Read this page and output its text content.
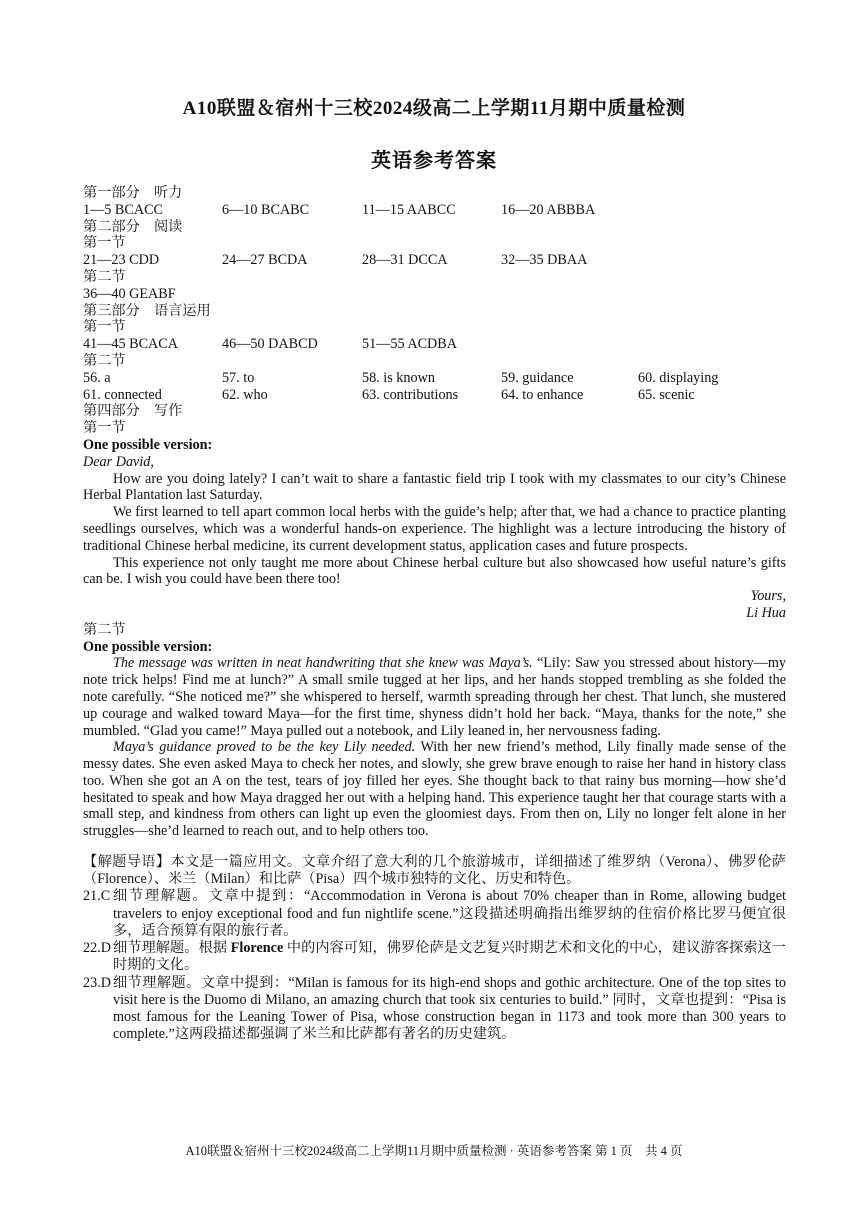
A10联盟＆宿州十三校2024级高二上学期11月期中质量检测
英语参考答案
第一部分　听力
1—5 BCACC	6—10 BCABC	11—15 AABCC	16—20 ABBBA
第二部分　阅读
第一节
21—23 CDD	24—27 BCDA	28—31 DCCA	32—35 DBAA
第二节
36—40 GEABF
第三部分　语言运用
第一节
41—45 BCACA	46—50 DABCD	51—55 ACDBA
第二节
56. a	57. to	58. is known	59. guidance	60. displaying
61. connected	62. who	63. contributions	64. to enhance	65. scenic
第四部分　写作
第一节
One possible version:
Dear David,

How are you doing lately? I can’t wait to share a fantastic field trip I took with my classmates to our city’s Chinese Herbal Plantation last Saturday.

We first learned to tell apart common local herbs with the guide’s help; after that, we had a chance to practice planting seedlings ourselves, which was a wonderful hands-on experience. The highlight was a lecture introducing the history of traditional Chinese herbal medicine, its current development status, application cases and future prospects.

This experience not only taught me more about Chinese herbal culture but also showcased how useful nature’s gifts can be. I wish you could have been there too!

Yours,
Li Hua
第二节
One possible version:

The message was written in neat handwriting that she knew was Maya’s. “Lily: Saw you stressed about history—my note trick helps! Find me at lunch?” A small smile tugged at her lips, and her hands stopped trembling as she folded the note carefully. “She noticed me?” she whispered to herself, warmth spreading through her chest. That lunch, she mustered up courage and walked toward Maya—for the first time, shyness didn’t hold her back. “Maya, thanks for the note,” she mumbled. “Glad you came!” Maya pulled out a notebook, and Lily leaned in, her nervousness fading.

Maya’s guidance proved to be the key Lily needed. With her new friend’s method, Lily finally made sense of the messy dates. She even asked Maya to check her notes, and slowly, she grew brave enough to raise her hand in history class too. When she got an A on the test, tears of joy filled her eyes. She thought back to that rainy bus morning—how she’d hesitated to speak and how Maya dragged her out with a helping hand. This experience taught her that courage starts with a small step, and kindness from others can light up even the gloomiest days. From then on, Lily no longer felt alone in her struggles—she’d learned to reach out, and to help others too.

【解题导语】本文是一篇应用文。文章介绍了意大利的几个旅游城市，详细描述了维罗纳（Verona）、佛罗伦萨（Florence）、米兰（Milan）和比萨（Pisa）四个城市独特的文化、历史和特色。

21.C 细节理解题。文章中提到：“Accommodation in Verona is about 70% cheaper than in Rome, allowing budget travelers to enjoy exceptional food and fun nightlife scene.”这段描述明确指出维罗纳的住宿价格比罗马便宜很多，适合预算有限的旅行者。
22.D 细节理解题。根据 Florence 中的内容可知，佛罗伦萨是文艺复兴时期艺术和文化的中心，建议游客探索这一时期的文化。
23.D 细节理解题。文章中提到：“Milan is famous for its high-end shops and gothic architecture. One of the top sites to visit here is the Duomo di Milano, an amazing church that took six centuries to build.” 同时，文章也提到：“Pisa is most famous for the Leaning Tower of Pisa, whose construction began in 1173 and took more than 300 years to complete.”这两段描述都强调了米兰和比萨都有著名的历史建筑。
A10联盟＆宿州十三校2024级高二上学期11月期中质量检测 · 英语参考答案 第 1 页　共 4 页
